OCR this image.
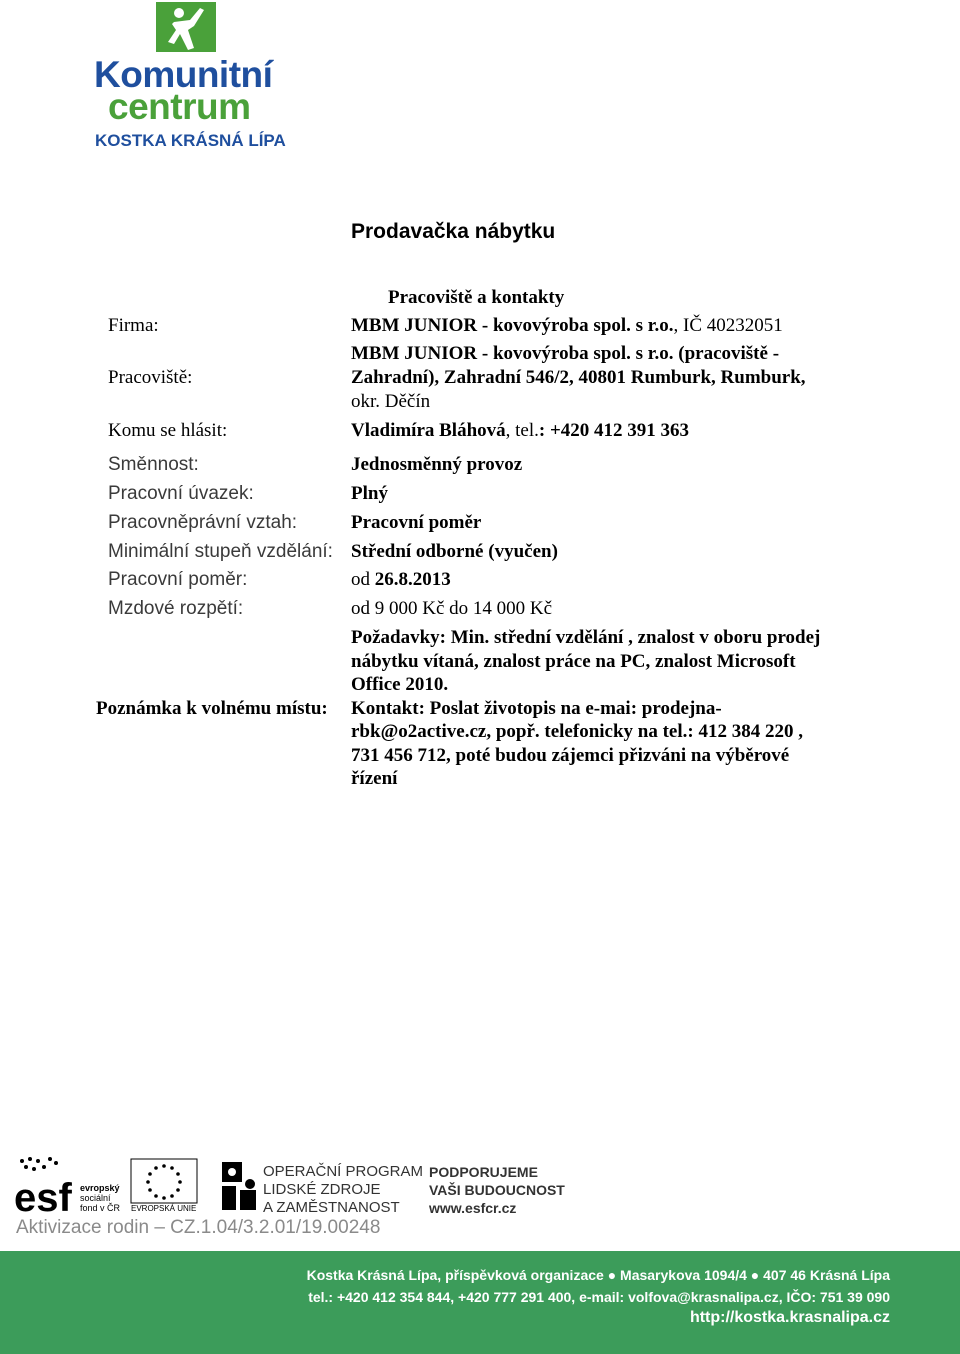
Komunitní
centrum
KOSTKA KRÁSNÁ LÍPA
Prodavačka nábytku
Pracoviště a kontakty
Firma:	MBM JUNIOR - kovovýroba spol. s r.o., IČ 40232051
Pracoviště:
MBM JUNIOR - kovovýroba spol. s r.o. (pracoviště -
Zahradní), Zahradní 546/2, 40801 Rumburk, Rumburk,
okr. Děčín
Komu se hlásit:	Vladimíra Bláhová, tel.: +420 412 391 363
Směnnost:	Jednosměnný provoz
Pracovní úvazek:	Plný
Pracovněprávní vztah:	Pracovní poměr
Minimální stupeň vzdělání: Střední odborné (vyučen)
Pracovní poměr:	od 26.8.2013
Mzdové rozpětí:	od 9 000 Kč do 14 000 Kč
Poznámka k volnému místu:
Požadavky: Min. střední vzdělání , znalost v oboru prodej
nábytku vítaná, znalost práce na PC, znalost Microsoft
Office 2010.
Kontakt: Poslat životopis na e-mai: prodejna-
rbk@o2active.cz, popř. telefonicky na tel.: 412 384 220 ,
731 456 712, poté budou zájemci přizváni na výběrové
řízení
esf evropský
sociální
fond v ČR EVROPSKÁ UNIE
OPERAČNÍ PROGRAM
LIDSKÉ ZDROJE
A ZAMĚSTNANOST
PODPORUJEME
VAŠI BUDOUCNOST
www.esfcr.cz
Aktivizace rodin – CZ.1.04/3.2.01/19.00248
Kostka Krásná Lípa, příspěvková organizace ● Masarykova 1094/4 ● 407 46 Krásná Lípa
tel.: +420 412 354 844, +420 777 291 400, e-mail: volfova@krasnalipa.cz, IČO: 751 39 090
http://kostka.krasnalipa.cz
